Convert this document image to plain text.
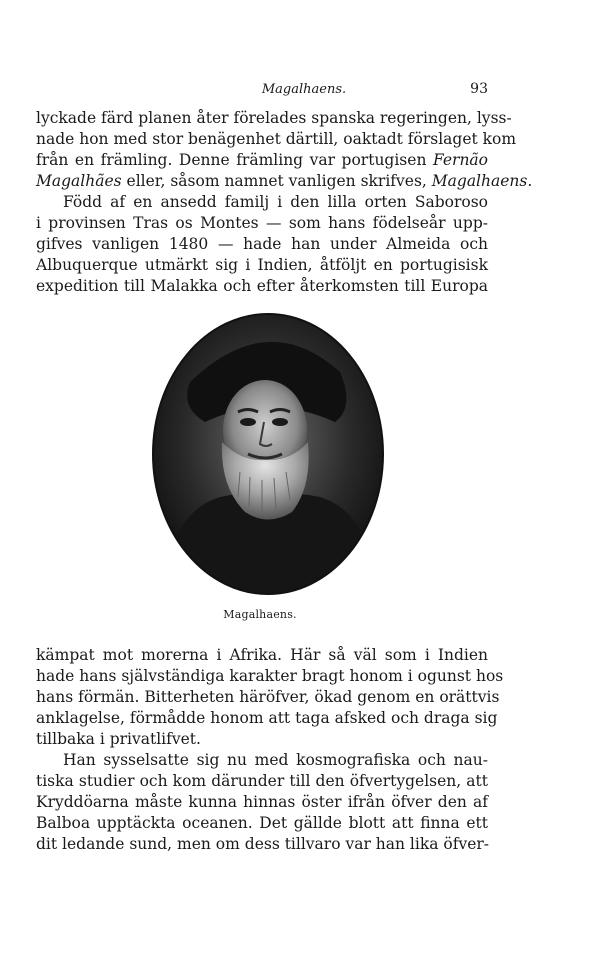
Magalhaens.	93
lyckade färd planen åter förelades spanska regeringen, lyss-
nade hon med stor benägenhet därtill, oaktadt förslaget kom
från en främling. Denne främling var portugisen Fernão
Magalhães eller, såsom namnet vanligen skrifves, Magalhaens.
Född af en ansedd familj i den lilla orten Saboroso
i provinsen Tras os Montes — som hans födelseår upp-
gifves vanligen 1480 — hade han under Almeida och
Albuquerque utmärkt sig i Indien, åtföljt en portugisisk
expedition till Malakka och efter återkomsten till Europa
Magalhaens.
kämpat mot morerna i Afrika. Här så väl som i Indien
hade hans självständiga karakter bragt honom i ogunst hos
hans förmän. Bitterheten häröfver, ökad genom en orättvis
anklagelse, förmådde honom att taga afsked och draga sig
tillbaka i privatlifvet.
Han sysselsatte sig nu med kosmografiska och nau-
tiska studier och kom därunder till den öfvertygelsen, att
Kryddöarna måste kunna hinnas öster ifrån öfver den af
Balboa upptäckta oceanen. Det gällde blott att finna ett
dit ledande sund, men om dess tillvaro var han lika öfver-
